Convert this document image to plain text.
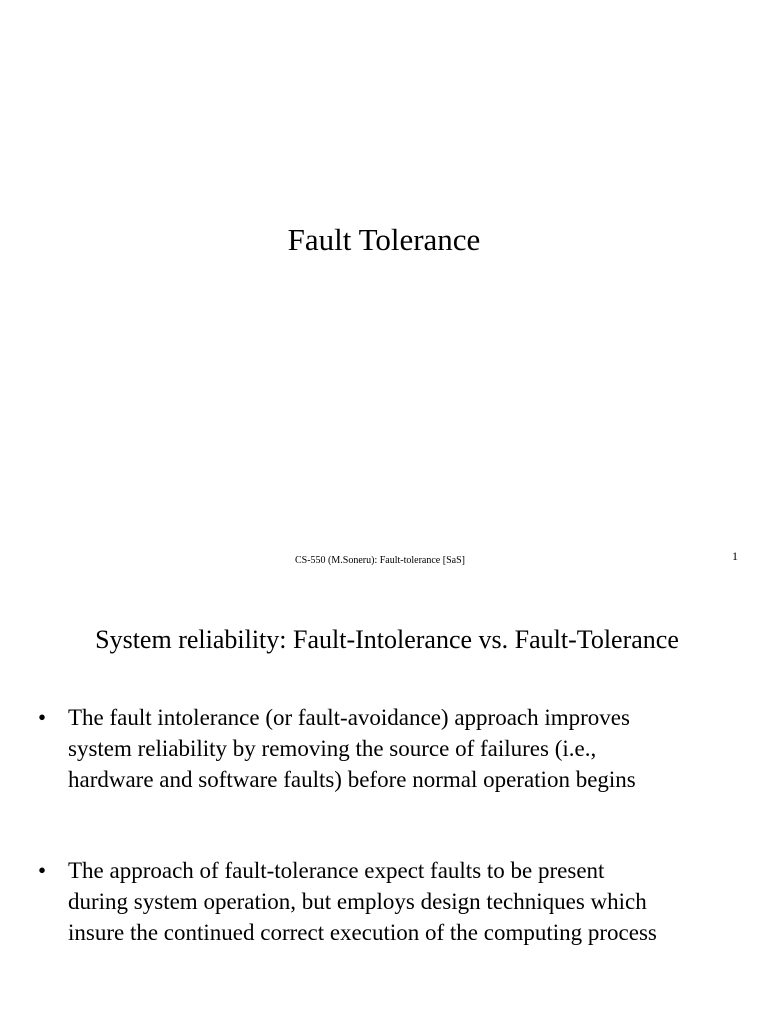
Fault Tolerance
CS-550 (M.Soneru): Fault-tolerance [SaS]	1
System reliability: Fault-Intolerance vs. Fault-Tolerance
• The fault intolerance (or fault-avoidance) approach improves
system reliability by removing the source of failures (i.e.,
hardware and software faults) before normal operation begins
• The approach of fault-tolerance expect faults to be present
during system operation, but employs design techniques which
insure the continued correct execution of the computing process
